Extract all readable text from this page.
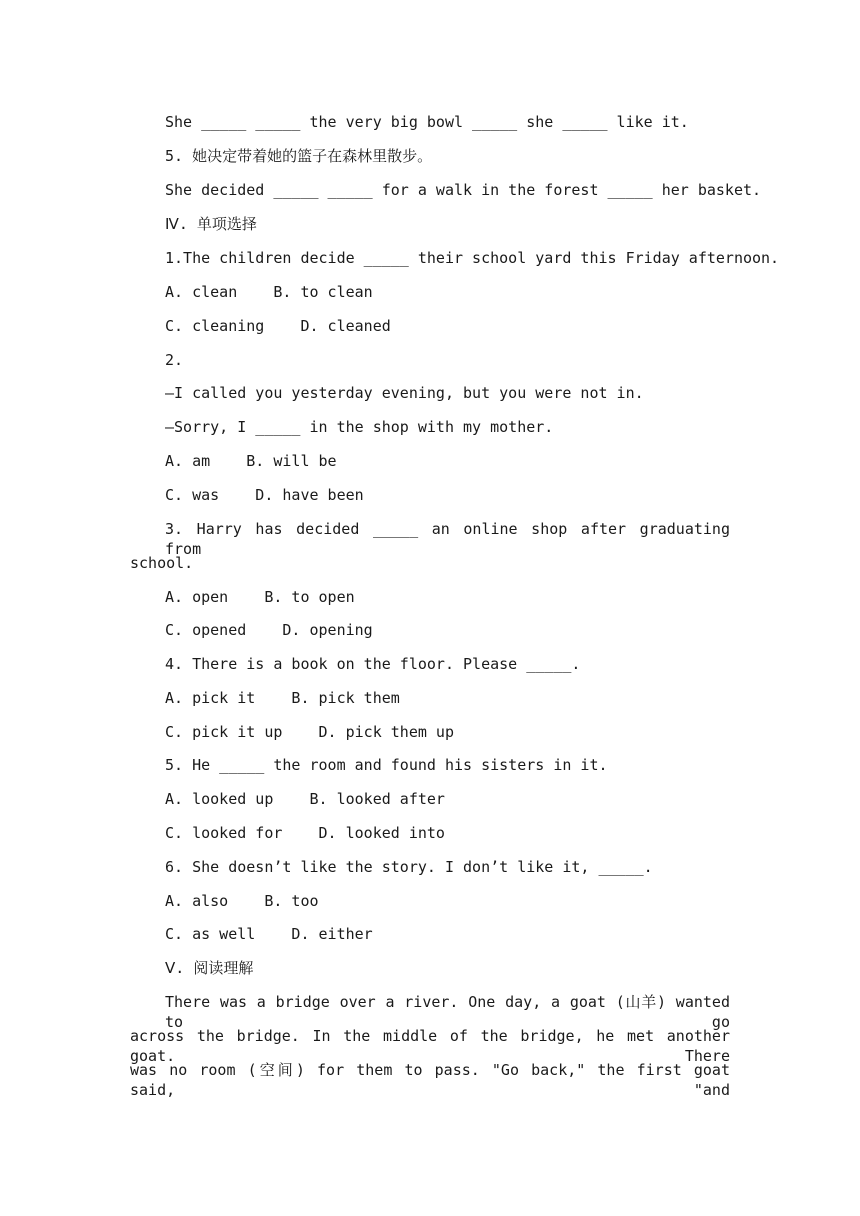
She _____ _____ the very big bowl _____ she _____ like it.
5. 她决定带着她的篮子在森林里散步。
She decided _____ _____ for a walk in the forest _____ her basket.
Ⅳ. 单项选择
1.The children decide _____ their school yard this Friday afternoon.
A. clean    B. to clean
C. cleaning    D. cleaned
2.
—I called you yesterday evening, but you were not in.
—Sorry, I _____ in the shop with my mother.
A. am    B. will be
C. was    D. have been
3. Harry has decided _____ an online shop after graduating from
school.
A. open    B. to open
C. opened    D. opening
4. There is a book on the floor. Please _____.
A. pick it    B. pick them
C. pick it up    D. pick them up
5. He _____ the room and found his sisters in it.
A. looked up    B. looked after
C. looked for    D. looked into
6. She doesn’t like the story. I don’t like it, _____.
A. also    B. too
C. as well    D. either
Ⅴ. 阅读理解
There was a bridge over a river. One day, a goat (山羊) wanted to go
across the bridge. In the middle of the bridge, he met another goat. There
was no room (空间) for them to pass. "Go back," the first goat said, "and
